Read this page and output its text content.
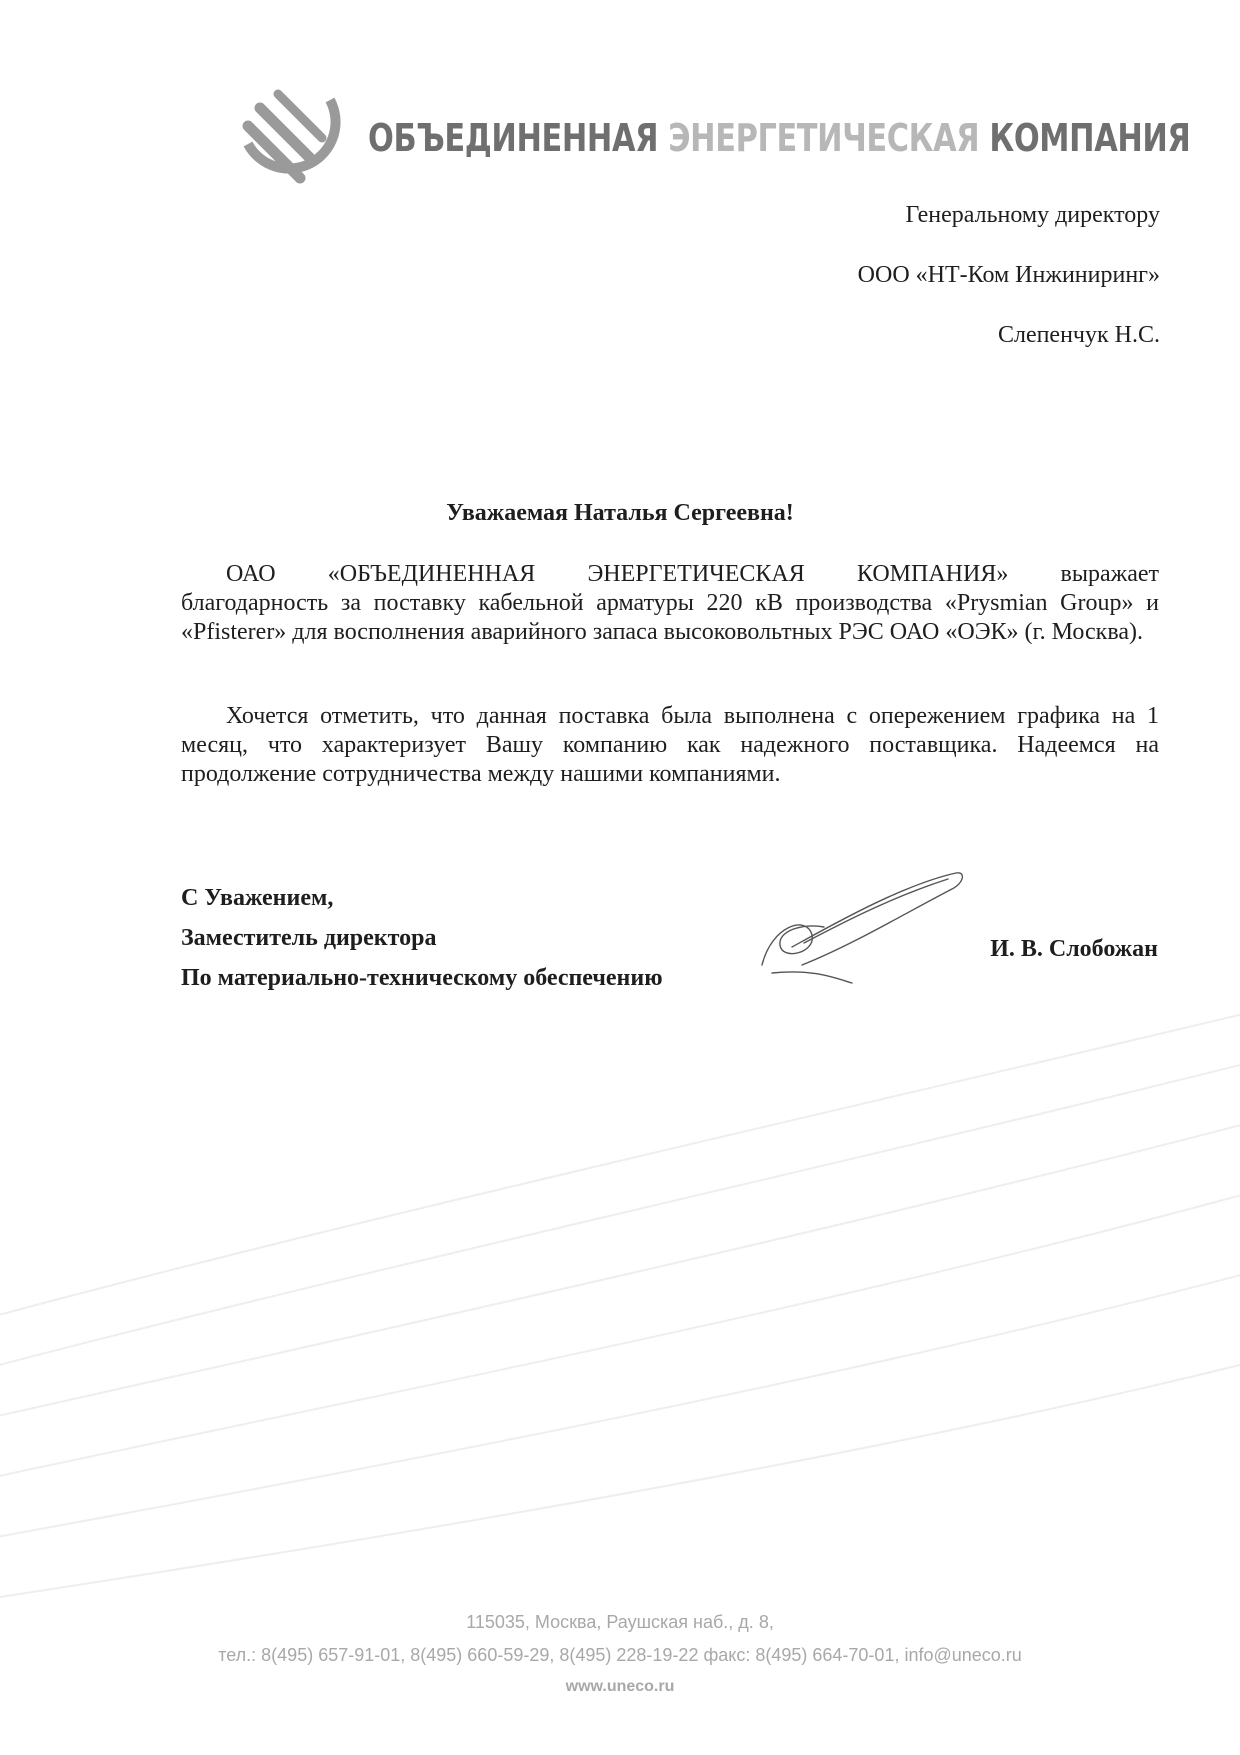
ОБЪЕДИНЕННАЯ ЭНЕРГЕТИЧЕСКАЯ КОМПАНИЯ
Генеральному директору
ООО «НТ-Ком Инжиниринг»
Слепенчук Н.С.
Уважаемая Наталья Сергеевна!

ОАО «ОБЪЕДИНЕННАЯ ЭНЕРГЕТИЧЕСКАЯ КОМПАНИЯ» выражает

благодарность за поставку кабельной арматуры 220 кВ производства «Prysmian Group» и «Pfisterer» для восполнения аварийного запаса высоковольтных РЭС ОАО «ОЭК» (г. Москва).

Хочется отметить, что данная поставка была выполнена с опережением графика на 1 месяц, что характеризует Вашу компанию как надежного поставщика. Надеемся на продолжение сотрудничества между нашими компаниями.

С Уважением,
Заместитель директора
По материально-техническому обеспечению
И. В. Слобожан
115035, Москва, Раушская наб., д. 8,
тел.: 8(495) 657-91-01, 8(495) 660-59-29, 8(495) 228-19-22 факс: 8(495) 664-70-01, info@uneco.ru
www.uneco.ru
